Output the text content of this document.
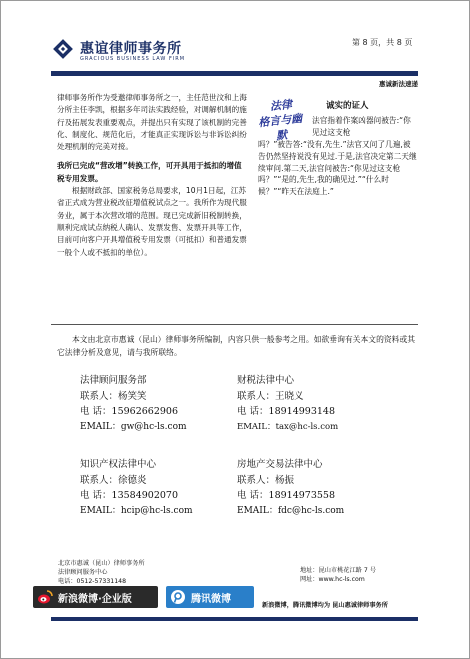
惠谊律师事务所
GRACIOUS BUSINESS LAW FIRM
第 8 页，共 8 页
惠诚新法速递

律师事务所作为受邀律师事务所之一，主任范世汶和上海分所主任李凯，根据多年司法实践经验，对调解机制的施行及拓展发表重要观点，并提出只有实现了该机制的完善化、制度化、规范化后，才能真正实现诉讼与非诉讼纠纷处理机制的完美对接。

我所已完成“营改增”转换工作，可开具用于抵扣的增值税专用发票。

根据财政部、国家税务总局要求，10月1日起，江苏省正式成为营业税改征增值税试点之一。我所作为现代服务业，属于本次营改增的范围。现已完成新旧税制转换，顺利完成试点纳税人确认、发票发售、发票开具等工作，目前可向客户开具增值税专用发票（可抵扣）和普通发票一般个人或不抵扣的单位）。

法律
格言与幽默
诚实的证人
法官指着作案凶器问被告:“你见过这支枪
吗？”被告答:“没有,先生.”法官又问了几遍,被告仍然坚持说没有见过.于是,法官决定第二天继续审问.第二天,法官问被告:“你见过这支枪吗？”“是的,先生,我的确见过.”“什么时候？”“昨天在法庭上.”
本文由北京市惠诚（昆山）律师事务所编制，内容只供一般参考之用。如欲垂询有关本文的资料或其它法律分析及意见，请与我所联络。
法律顾问服务部
联系人：杨笑笑
电 话：15962662906
EMAIL：gw@hc-ls.com
财税法律中心
联系人：王晓义
电 话：18914993148
EMAIL：tax@hc-ls.com
知识产权法律中心
联系人：徐德炎
电 话：13584902070
EMAIL：hcip@hc-ls.com
房地产交易法律中心
联系人：杨振
电 话：18914973558
EMAIL：fdc@hc-ls.com
北京市惠诚（昆山）律师事务所
法律顾问服务中心
电话：0512-57331148
地址：昆山市桃花江路 7 号
网址：www.hc-ls.com
新浪微博·企业版	腾讯微博
新浪微博，腾讯微博均为 昆山惠诚律师事务所
